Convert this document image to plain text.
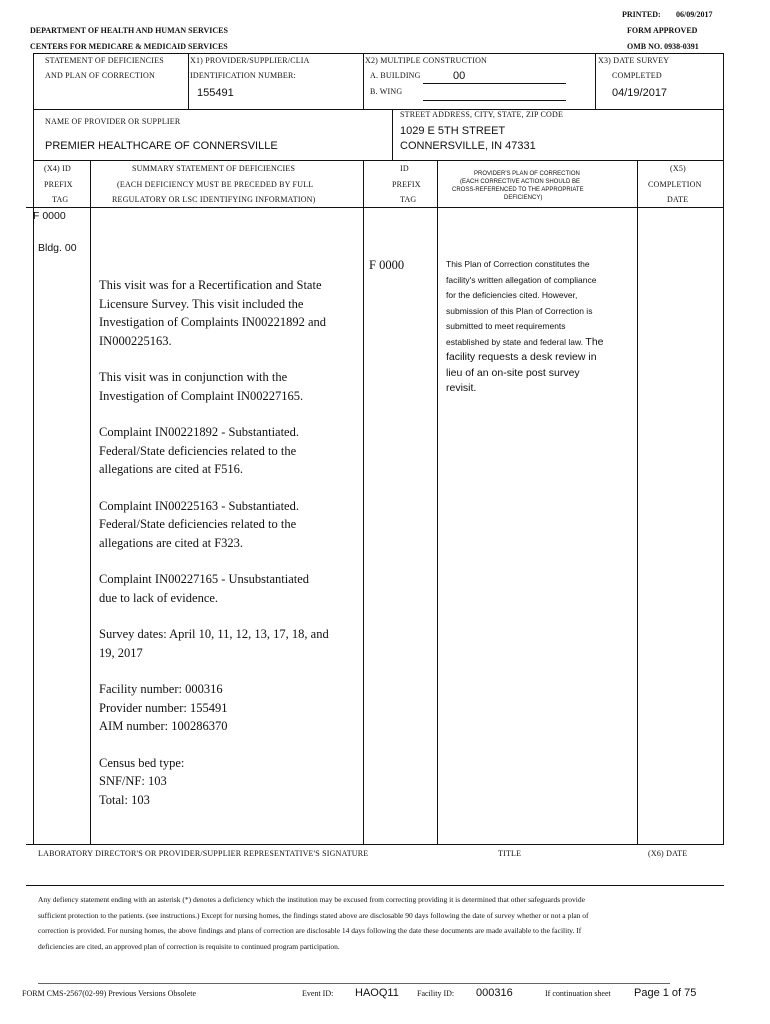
PRINTED: 06/09/2017
DEPARTMENT OF HEALTH AND HUMAN SERVICES	FORM APPROVED
CENTERS FOR MEDICARE & MEDICAID SERVICES	OMB NO. 0938-0391
STATEMENT OF DEFICIENCIES
AND PLAN OF CORRECTION
X1) PROVIDER/SUPPLIER/CLIA
IDENTIFICATION NUMBER:
155491
X2) MULTIPLE CONSTRUCTION
A. BUILDING	00
B. WING
X3) DATE SURVEY
COMPLETED
04/19/2017
NAME OF PROVIDER OR SUPPLIER
PREMIER HEALTHCARE OF CONNERSVILLE
STREET ADDRESS, CITY, STATE, ZIP CODE
1029 E 5TH STREET
CONNERSVILLE, IN 47331
(X4) ID
PREFIX
TAG
SUMMARY STATEMENT OF DEFICIENCIES
(EACH DEFICIENCY MUST BE PRECEDED BY FULL
REGULATORY OR LSC IDENTIFYING INFORMATION)
ID
PREFIX
TAG
PROVIDER'S PLAN OF CORRECTION
(EACH CORRECTIVE ACTION SHOULD BE
CROSS-REFERENCED TO THE APPROPRIATE
DEFICIENCY)
(X5)
COMPLETION
DATE
F 0000
Bldg. 00

This visit was for a Recertification and State Licensure Survey. This visit included the Investigation of Complaints IN00221892 and IN000225163.

This visit was in conjunction with the Investigation of Complaint IN00227165.

Complaint IN00221892 - Substantiated. Federal/State deficiencies related to the allegations are cited at F516.

Complaint IN00225163 - Substantiated. Federal/State deficiencies related to the allegations are cited at F323.

Complaint IN00227165 - Unsubstantiated due to lack of evidence.

Survey dates: April 10, 11, 12, 13, 17, 18, and 19, 2017

Facility number: 000316

Provider number: 155491

AIM number: 100286370

Census bed type:

SNF/NF: 103

Total: 103

F 0000	This Plan of Correction constitutes the facility's written allegation of compliance for the deficiencies cited. However, submission of this Plan of Correction is submitted to meet requirements established by state and federal law. The facility requests a desk review in lieu of an on-site post survey revisit.
LABORATORY DIRECTOR'S OR PROVIDER/SUPPLIER REPRESENTATIVE'S SIGNATURE	TITLE	(X6) DATE
Any defiency statement ending with an asterisk (*) denotes a deficiency which the institution may be excused from correcting providing it is determined that other safeguards provide sufficient protection to the patients. (see instructions.) Except for nursing homes, the findings stated above are disclosable 90 days following the date of survey whether or not a plan of correction is provided. For nursing homes, the above findings and plans of correction are disclosable 14 days following the date these documents are made available to the facility. If deficiencies are cited, an approved plan of correction is requisite to continued program participation.
FORM CMS-2567(02-99) Previous Versions Obsolete	Event ID: HAOQ11 Facility ID: 000316	If continuation sheet Page 1 of 75
